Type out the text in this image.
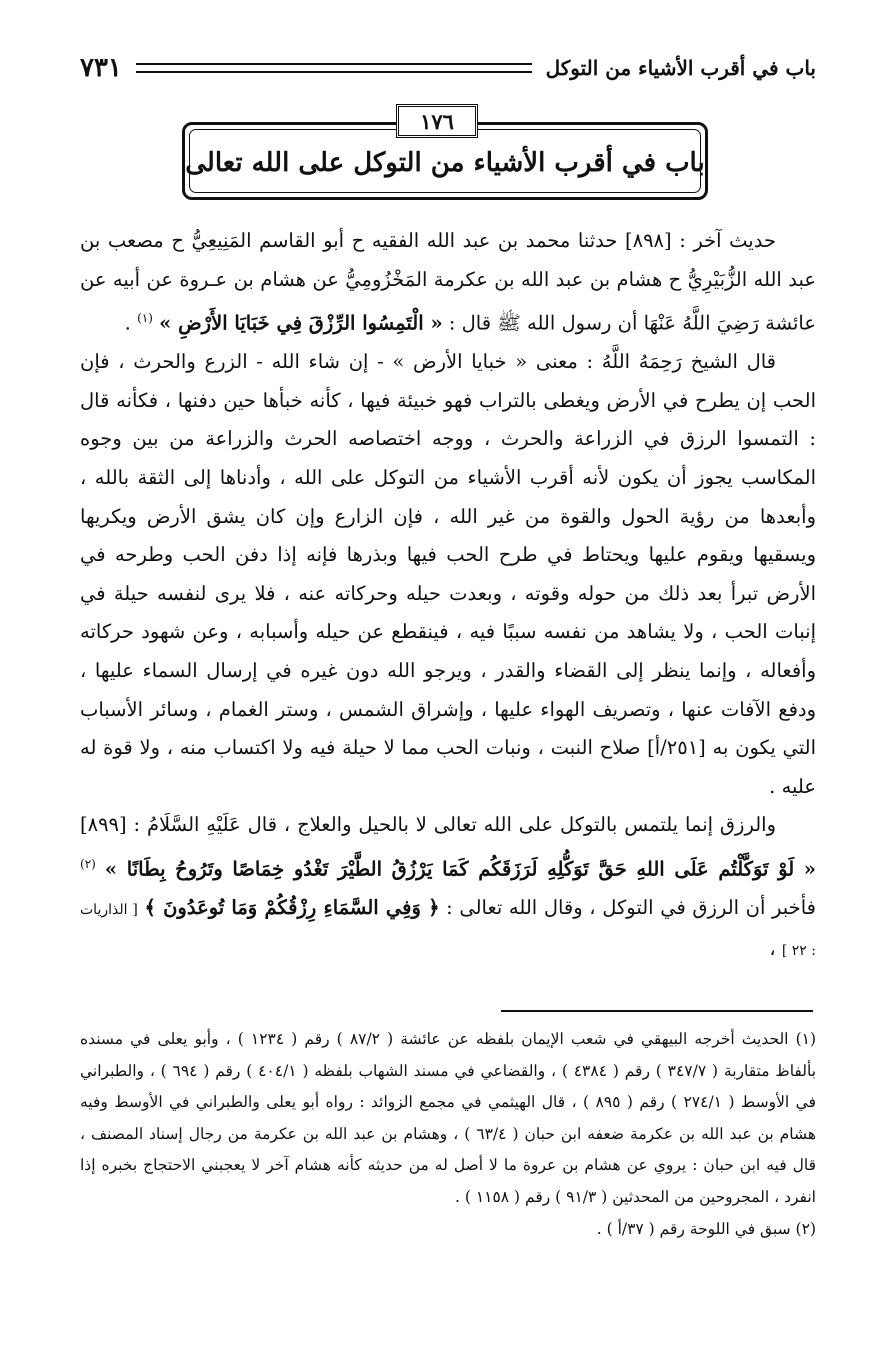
باب في أقرب الأشياء من التوكل
٧٣١
١٧٦
باب في أقرب الأشياء من التوكل على الله تعالى

حديث آخر : [٨٩٨] حدثنا محمد بن عبد الله الفقيه ح أبو القاسم المَنِيعِيُّ ح مصعب بن عبد الله الزُّبَيْرِيُّ ح هشام بن عبد الله بن عكرمة المَخْزُومِيُّ عن هشام بن عـروة عن أبيه عن عائشة رَضِيَ اللَّهُ عَنْهَا أن رسول الله ﷺ قال : « الْتَمِسُوا الرِّزْقَ فِي خَبَايَا الأَرْضِ » $^{(١)}$ .

قال الشيخ رَحِمَهُ اللَّهُ : معنى « خبايا الأرض » - إن شاء الله - الزرع والحرث ، فإن الحب إن يطرح في الأرض ويغطى بالتراب فهو خبيئة فيها ، كأنه خبأها حين دفنها ، فكأنه قال : التمسوا الرزق في الزراعة والحرث ، ووجه اختصاصه الحرث والزراعة من بين وجوه المكاسب يجوز أن يكون لأنه أقرب الأشياء من التوكل على الله ، وأدناها إلى الثقة بالله ، وأبعدها من رؤية الحول والقوة من غير الله ، فإن الزارع وإن كان يشق الأرض ويكريها ويسقيها ويقوم عليها ويحتاط في طرح الحب فيها وبذرها فإنه إذا دفن الحب وطرحه في الأرض تبرأ بعد ذلك من حوله وقوته ، وبعدت حيله وحركاته عنه ، فلا يرى لنفسه حيلة في إنبات الحب ، ولا يشاهد من نفسه سببًا فيه ، فينقطع عن حيله وأسبابه ، وعن شهود حركاته وأفعاله ، وإنما ينظر إلى القضاء والقدر ، ويرجو الله دون غيره في إرسال السماء عليها ، ودفع الآفات عنها ، وتصريف الهواء عليها ، وإشراق الشمس ، وستر الغمام ، وسائر الأسباب التي يكون به [٢٥١/أ] صلاح النبت ، ونبات الحب مما لا حيلة فيه ولا اكتساب منه ، ولا قوة له عليه .

والرزق إنما يلتمس بالتوكل على الله تعالى لا بالحيل والعلاج ، قال عَلَيْهِ السَّلَامُ : [٨٩٩] « لَوْ تَوَكَّلْتُم عَلَى اللهِ حَقَّ تَوَكُّلِهِ لَرَزَقَكُم كَمَا يَرْزُقُ الطَّيْرَ تَغْدُو خِمَاصًا وتَرُوحُ بِطَانًا » $^{(٢)}$ فأخبر أن الرزق في التوكل ، وقال الله تعالى : ﴿ وَفِي السَّمَاءِ رِزْقُكُمْ وَمَا تُوعَدُونَ ﴾ [ الذاريات : ٢٢ ] ،

(١) الحديث أخرجه البيهقي في شعب الإيمان بلفظه عن عائشة ( ٨٧/٢ ) رقم ( ١٢٣٤ ) ، وأبو يعلى في مسنده بألفاظ متقاربة ( ٣٤٧/٧ ) رقم ( ٤٣٨٤ ) ، والقضاعي في مسند الشهاب بلفظه ( ٤٠٤/١ ) رقم ( ٦٩٤ ) ، والطبراني في الأوسط ( ٢٧٤/١ ) رقم ( ٨٩٥ ) ، قال الهيثمي في مجمع الزوائد : رواه أبو يعلى والطبراني في الأوسط وفيه هشام بن عبد الله بن عكرمة ضعفه ابن حبان ( ٦٣/٤ ) ، وهشام بن عبد الله بن عكرمة من رجال إسناد المصنف ، قال فيه ابن حبان : يروي عن هشام بن عروة ما لا أصل له من حديثه كأنه هشام آخر لا يعجبني الاحتجاج بخبره إذا انفرد ، المجروحين من المحدثين ( ٩١/٣ ) رقم ( ١١٥٨ ) .

(٢) سبق في اللوحة رقم ( ٣٧/أ ) .
